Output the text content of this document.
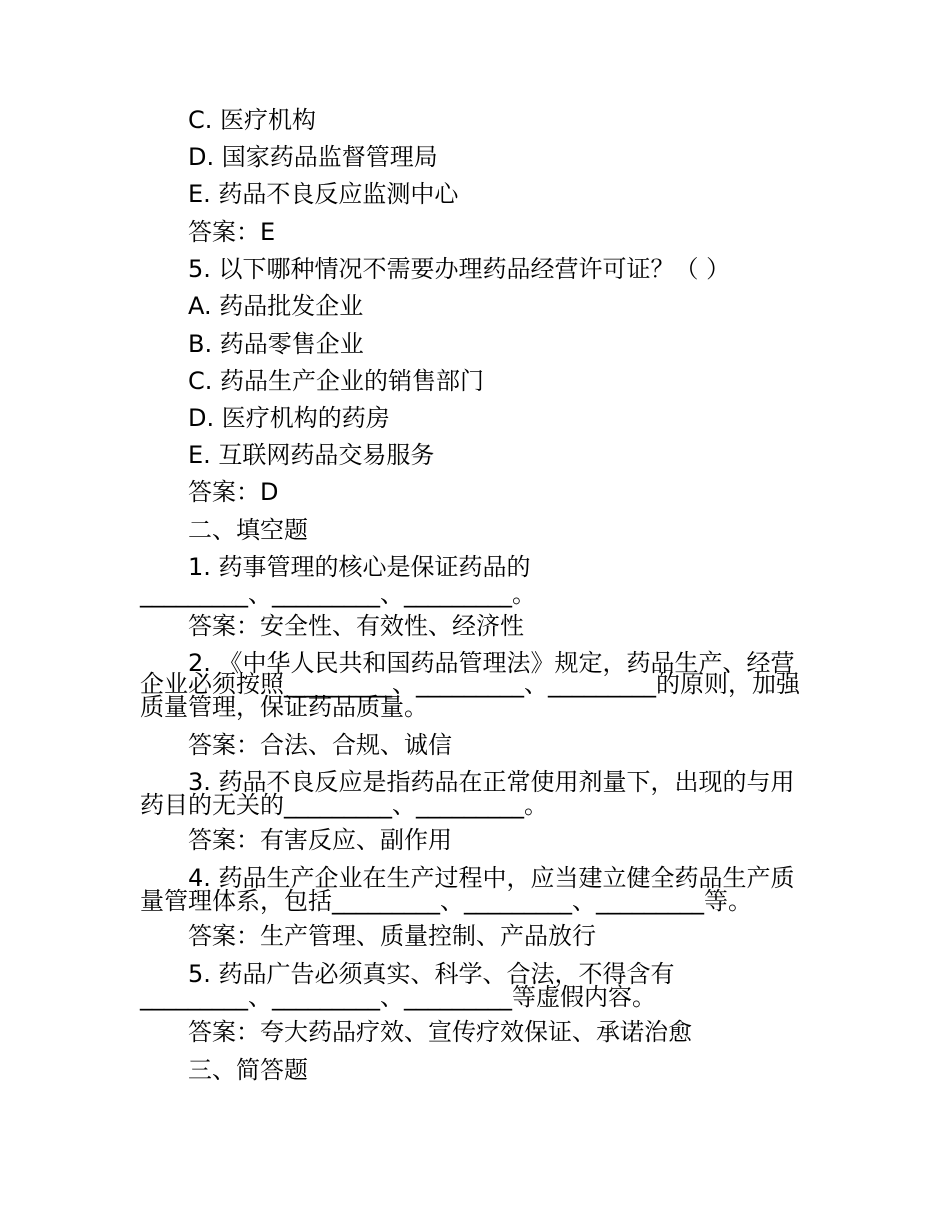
C. 医疗机构
D. 国家药品监督管理局
E. 药品不良反应监测中心
答案：E
5. 以下哪种情况不需要办理药品经营许可证？（ ）
A. 药品批发企业
B. 药品零售企业
C. 药品生产企业的销售部门
D. 医疗机构的药房
E. 互联网药品交易服务
答案：D
二、填空题
1. 药事管理的核心是保证药品的
_________、_________、_________。
答案：安全性、有效性、经济性
2. 《中华人民共和国药品管理法》规定，药品生产、经营
企业必须按照_________、_________、_________的原则，加强
质量管理，保证药品质量。
答案：合法、合规、诚信
3. 药品不良反应是指药品在正常使用剂量下，出现的与用
药目的无关的_________、_________。
答案：有害反应、副作用
4. 药品生产企业在生产过程中，应当建立健全药品生产质
量管理体系，包括_________、_________、_________等。
答案：生产管理、质量控制、产品放行
5. 药品广告必须真实、科学、合法，不得含有
_________、_________、_________等虚假内容。
答案：夸大药品疗效、宣传疗效保证、承诺治愈
三、简答题
